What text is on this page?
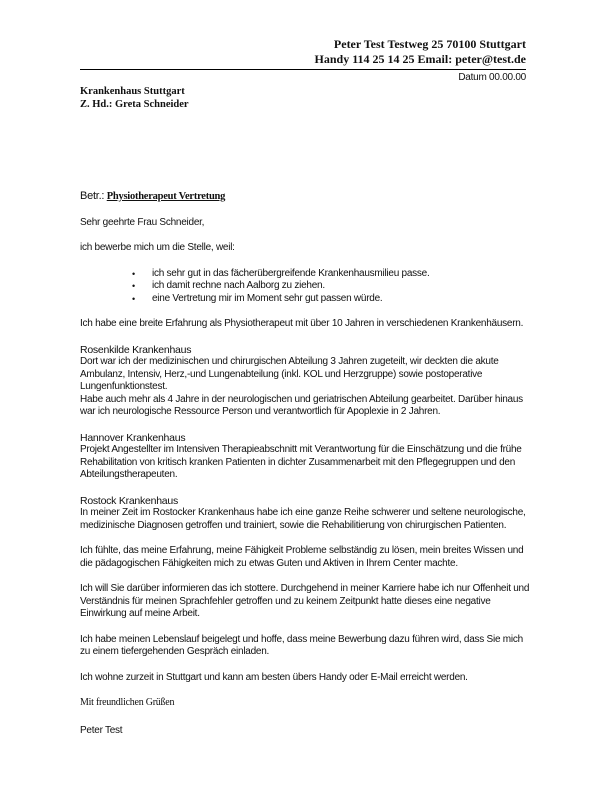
Peter Test Testweg 25 70100 Stuttgart
Handy 114 25 14 25 Email: peter@test.de
Datum 00.00.00
Krankenhaus Stuttgart
Z. Hd.: Greta Schneider
Betr.: Physiotherapeut Vertretung
Sehr geehrte Frau Schneider,
ich bewerbe mich um die Stelle, weil:
• ich sehr gut in das fächerübergreifende Krankenhausmilieu passe.
• ich damit rechne nach Aalborg zu ziehen.
• eine Vertretung mir im Moment sehr gut passen würde.
Ich habe eine breite Erfahrung als Physiotherapeut mit über 10 Jahren in verschiedenen Krankenhäusern.
Rosenkilde Krankenhaus
Dort war ich der medizinischen und chirurgischen Abteilung 3 Jahren zugeteilt, wir deckten die akute Ambulanz, Intensiv, Herz,-und Lungenabteilung (inkl. KOL und Herzgruppe) sowie postoperative Lungenfunktionstest.
Habe auch mehr als 4 Jahre in der neurologischen und geriatrischen Abteilung gearbeitet. Darüber hinaus war ich neurologische Ressource Person und verantwortlich für Apoplexie in 2 Jahren.
Hannover Krankenhaus
Projekt Angestellter im Intensiven Therapieabschnitt mit Verantwortung für die Einschätzung und die frühe Rehabilitation von kritisch kranken Patienten in dichter Zusammenarbeit mit den Pflegegruppen und den Abteilungstherapeuten.
Rostock Krankenhaus
In meiner Zeit im Rostocker Krankenhaus habe ich eine ganze Reihe schwerer und seltene neurologische, medizinische Diagnosen getroffen und trainiert, sowie die Rehabilitierung von chirurgischen Patienten.
Ich fühlte, das meine Erfahrung, meine Fähigkeit Probleme selbständig zu lösen, mein breites Wissen und die pädagogischen Fähigkeiten mich zu etwas Guten und Aktiven in Ihrem Center machte.
Ich will Sie darüber informieren das ich stottere. Durchgehend in meiner Karriere habe ich nur Offenheit und Verständnis für meinen Sprachfehler getroffen und zu keinem Zeitpunkt hatte dieses eine negative Einwirkung auf meine Arbeit.
Ich habe meinen Lebenslauf beigelegt und hoffe, dass meine Bewerbung dazu führen wird, dass Sie mich zu einem tiefergehenden Gespräch einladen.
Ich wohne zurzeit in Stuttgart und kann am besten übers Handy oder E-Mail erreicht werden.
Mit freundlichen Grüßen
Peter Test
